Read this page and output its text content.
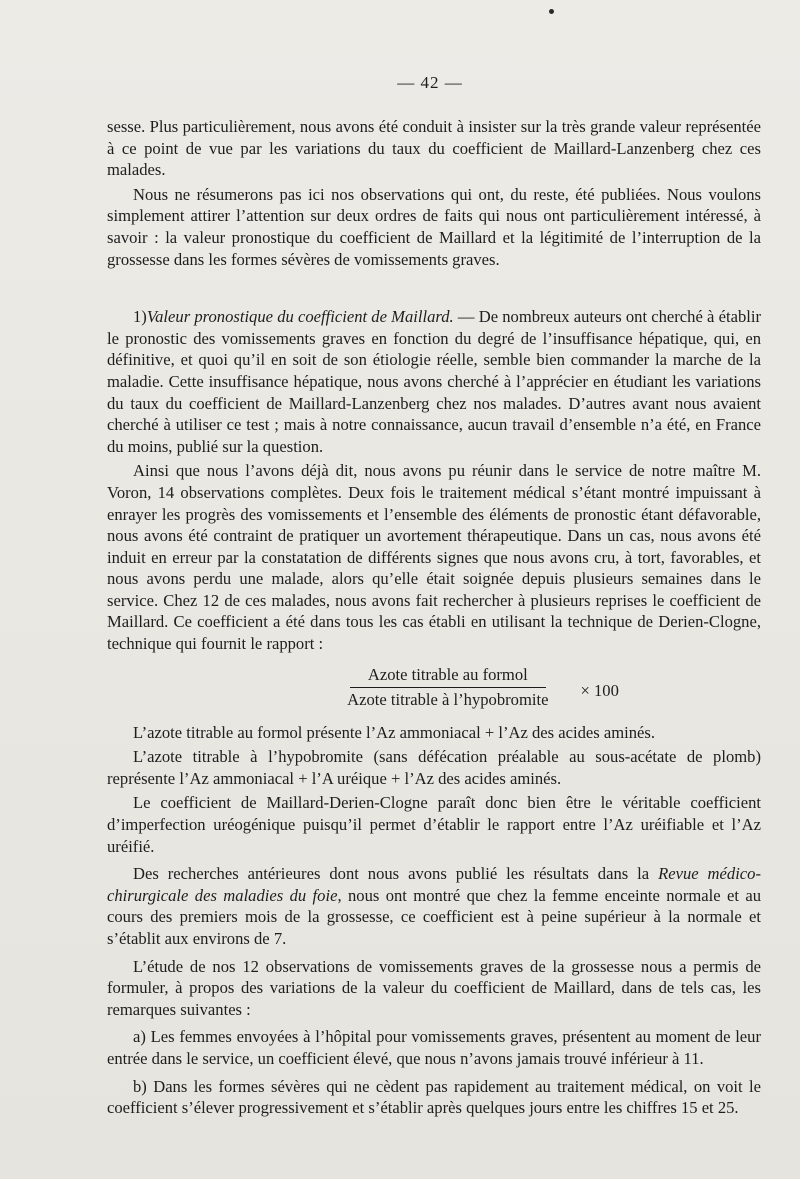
— 42 —

sesse. Plus particulièrement, nous avons été conduit à insister sur la très grande valeur représentée à ce point de vue par les variations du taux du coefficient de Maillard-Lanzenberg chez ces malades.

Nous ne résumerons pas ici nos observations qui ont, du reste, été publiées. Nous voulons simplement attirer l’attention sur deux ordres de faits qui nous ont particulièrement intéressé, à savoir : la valeur pronostique du coefficient de Maillard et la légitimité de l’interruption de la grossesse dans les formes sévères de vomissements graves.

1)Valeur pronostique du coefficient de Maillard. — De nombreux auteurs ont cherché à établir le pronostic des vomissements graves en fonction du degré de l’insuffisance hépatique, qui, en définitive, et quoi qu’il en soit de son étiologie réelle, semble bien commander la marche de la maladie. Cette insuffisance hépatique, nous avons cherché à l’apprécier en étudiant les variations du taux du coefficient de Maillard-Lanzenberg chez nos malades. D’autres avant nous avaient cherché à utiliser ce test ; mais à notre connaissance, aucun travail d’ensemble n’a été, en France du moins, publié sur la question.

Ainsi que nous l’avons déjà dit, nous avons pu réunir dans le service de notre maître M. Voron, 14 observations complètes. Deux fois le traitement médical s’étant montré impuissant à enrayer les progrès des vomissements et l’ensemble des éléments de pronostic étant défavorable, nous avons été contraint de pratiquer un avortement thérapeutique. Dans un cas, nous avons été induit en erreur par la constatation de différents signes que nous avons cru, à tort, favorables, et nous avons perdu une malade, alors qu’elle était soignée depuis plusieurs semaines dans le service. Chez 12 de ces malades, nous avons fait rechercher à plusieurs reprises le coefficient de Maillard. Ce coefficient a été dans tous les cas établi en utilisant la technique de Derien-Clogne, technique qui fournit le rapport :

$\frac{\text{Azote titrable au formol}}{\text{Azote titrable à l’hypobromite}} \times 100$

L’azote titrable au formol présente l’Az ammoniacal + l’Az des acides aminés.

L’azote titrable à l’hypobromite (sans défécation préalable au sous-acétate de plomb) représente l’Az ammoniacal + l’A uréique + l’Az des acides aminés.

Le coefficient de Maillard-Derien-Clogne paraît donc bien être le véritable coefficient d’imperfection uréogénique puisqu’il permet d’établir le rapport entre l’Az uréifiable et l’Az uréifié.

Des recherches antérieures dont nous avons publié les résultats dans la Revue médico-chirurgicale des maladies du foie, nous ont montré que chez la femme enceinte normale et au cours des premiers mois de la grossesse, ce coefficient est à peine supérieur à la normale et s’établit aux environs de 7.

L’étude de nos 12 observations de vomissements graves de la grossesse nous a permis de formuler, à propos des variations de la valeur du coefficient de Maillard, dans de tels cas, les remarques suivantes :

a) Les femmes envoyées à l’hôpital pour vomissements graves, présentent au moment de leur entrée dans le service, un coefficient élevé, que nous n’avons jamais trouvé inférieur à 11.

b) Dans les formes sévères qui ne cèdent pas rapidement au traitement médical, on voit le coefficient s’élever progressivement et s’établir après quelques jours entre les chiffres 15 et 25.
